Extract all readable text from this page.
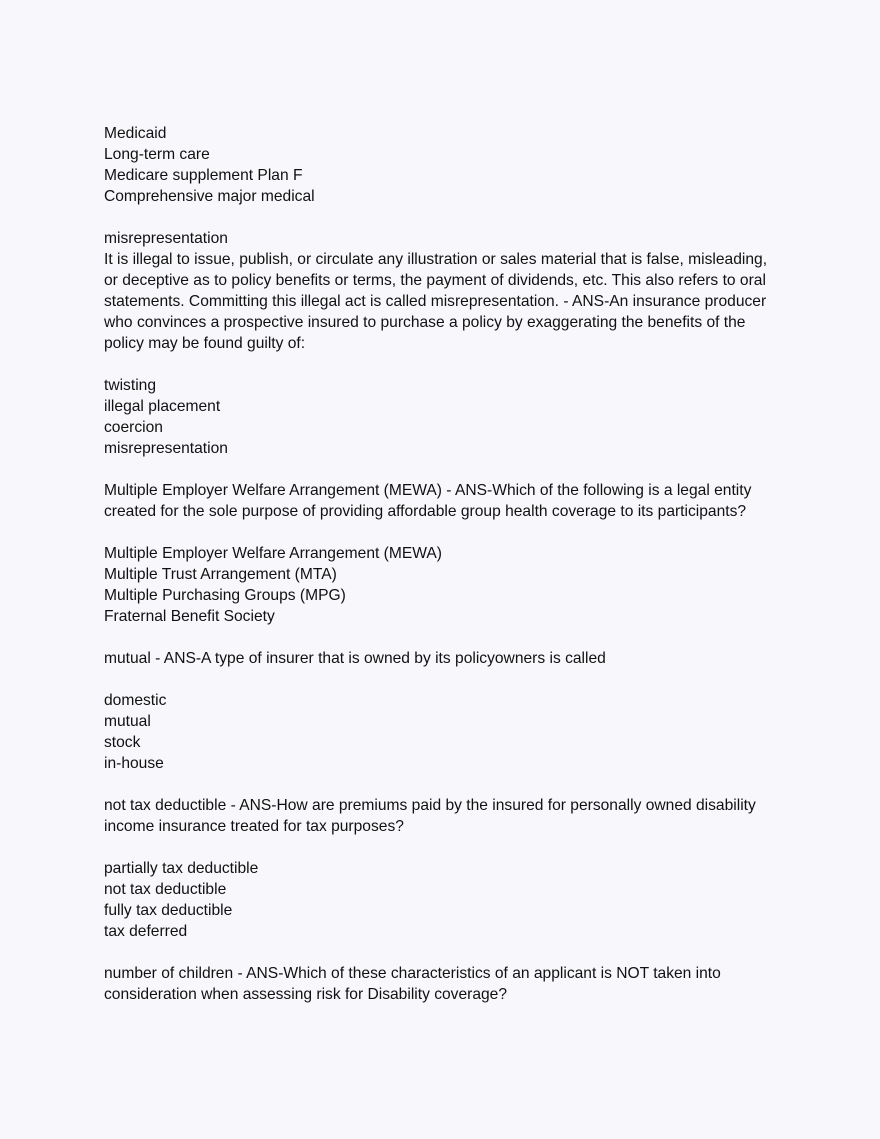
Medicaid
Long-term care
Medicare supplement Plan F
Comprehensive major medical
misrepresentation
It is illegal to issue, publish, or circulate any illustration or sales material that is false, misleading,
or deceptive as to policy benefits or terms, the payment of dividends, etc. This also refers to oral
statements. Committing this illegal act is called misrepresentation. - ANS-An insurance producer
who convinces a prospective insured to purchase a policy by exaggerating the benefits of the
policy may be found guilty of:
twisting
illegal placement
coercion
misrepresentation
Multiple Employer Welfare Arrangement (MEWA) - ANS-Which of the following is a legal entity
created for the sole purpose of providing affordable group health coverage to its participants?
Multiple Employer Welfare Arrangement (MEWA)
Multiple Trust Arrangement (MTA)
Multiple Purchasing Groups (MPG)
Fraternal Benefit Society
mutual - ANS-A type of insurer that is owned by its policyowners is called
domestic
mutual
stock
in-house
not tax deductible - ANS-How are premiums paid by the insured for personally owned disability
income insurance treated for tax purposes?
partially tax deductible
not tax deductible
fully tax deductible
tax deferred
number of children - ANS-Which of these characteristics of an applicant is NOT taken into
consideration when assessing risk for Disability coverage?
